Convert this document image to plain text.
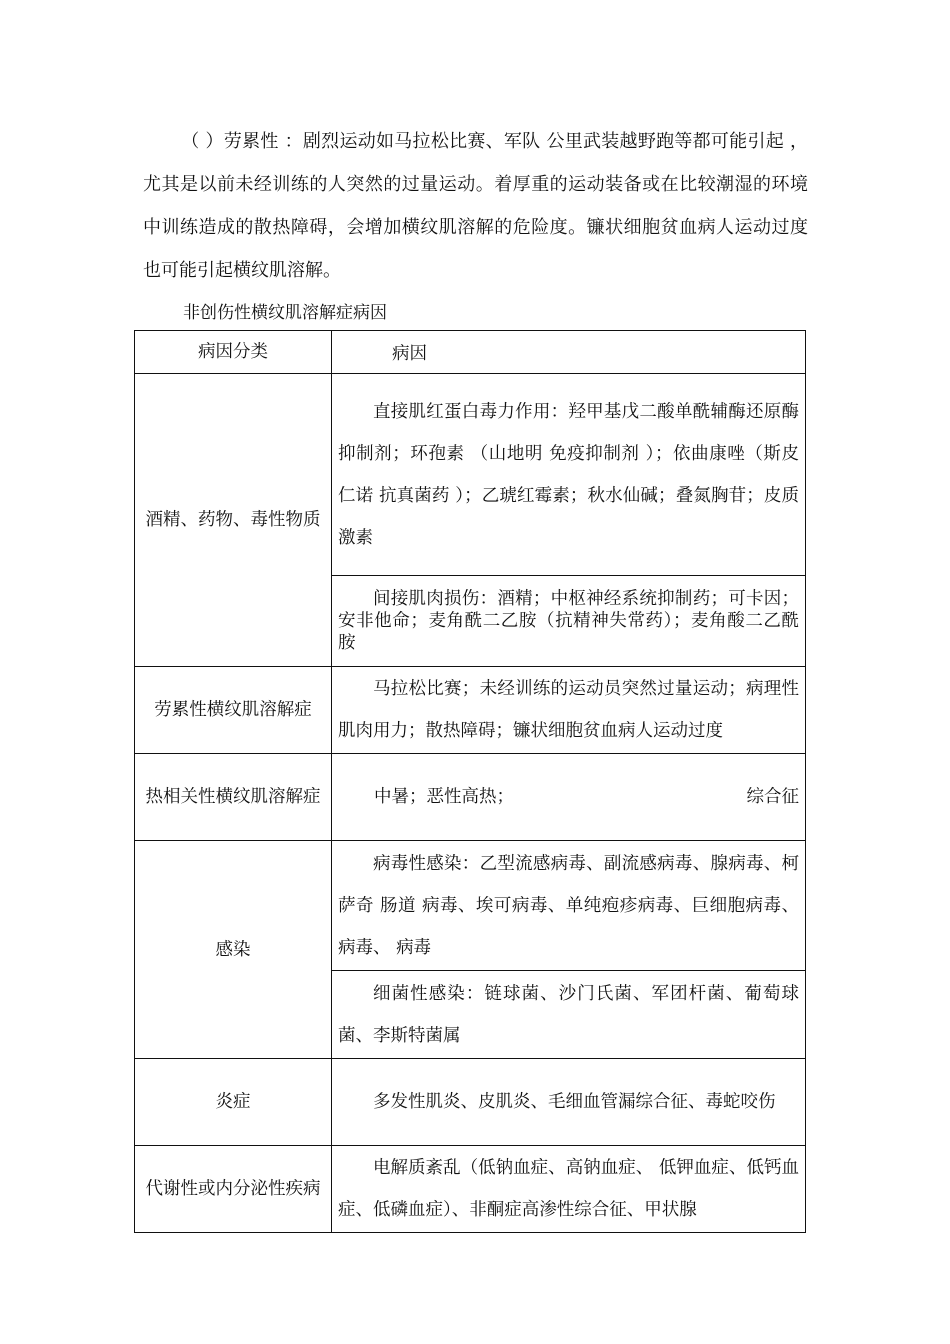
（ ）劳累性 ：剧烈运动如马拉松比赛、军队 公里武装越野跑等都可能引起 ，尤其是以前未经训练的人突然的过量运动。着厚重的运动装备或在比较潮湿的环境中训练造成的散热障碍，会增加横纹肌溶解的危险度。镰状细胞贫血病人运动过度也可能引起横纹肌溶解。
非创伤性横纹肌溶解症病因
病因分类	病因

酒精、药物、毒性物质	直接肌红蛋白毒力作用：羟甲基戊二酸单酰辅酶还原酶抑制剂；环孢素 （山地明 免疫抑制剂 ）；依曲康唑（斯皮仁诺 抗真菌药 ）；乙琥红霉素；秋水仙碱；叠氮胸苷；皮质激素

	间接肌肉损伤：酒精；中枢神经系统抑制药；可卡因；安非他命；麦角酰二乙胺（抗精神失常药）；麦角酸二乙酰胺

劳累性横纹肌溶解症	马拉松比赛；未经训练的运动员突然过量运动；病理性肌肉用力；散热障碍；镰状细胞贫血病人运动过度

热相关性横纹肌溶解症	中暑；恶性高热； 综合征

感染	病毒性感染：乙型流感病毒、副流感病毒、腺病毒、柯萨奇 肠道 病毒、埃可病毒、单纯疱疹病毒、巨细胞病毒、 病毒、 病毒

	细菌性感染：链球菌、沙门氏菌、军团杆菌、葡萄球菌、李斯特菌属

炎症	多发性肌炎、皮肌炎、毛细血管漏综合征、毒蛇咬伤

代谢性或内分泌性疾病	电解质紊乱（低钠血症、高钠血症、 低钾血症、低钙血症、低磷血症）、非酮症高渗性综合征、甲状腺
